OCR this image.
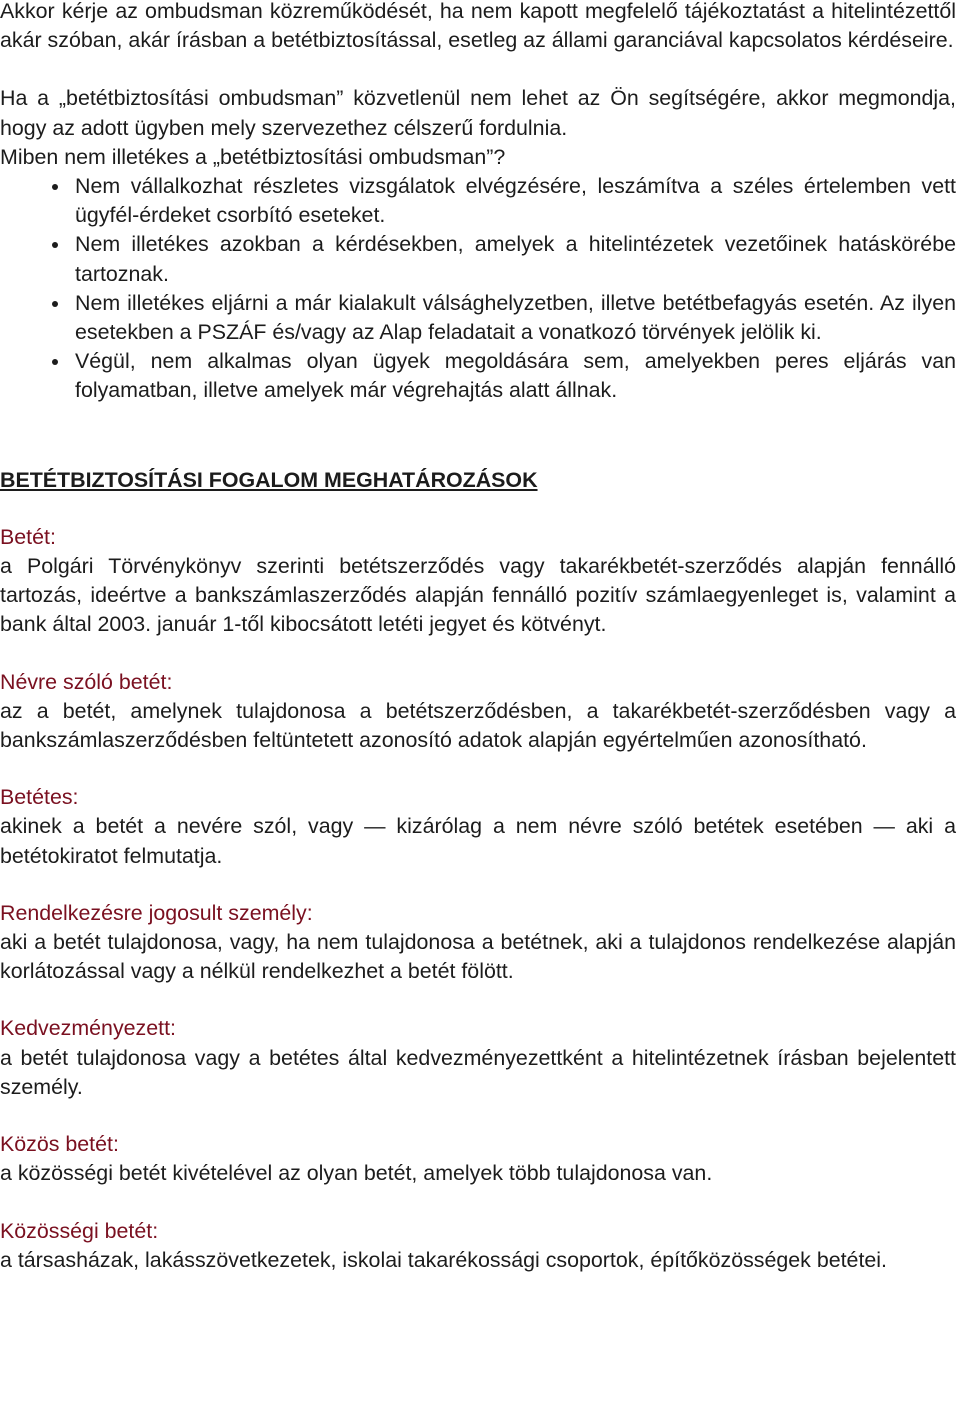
Akkor kérje az ombudsman közreműködését, ha nem kapott megfelelő tájékoztatást a hitelintézettől akár szóban, akár írásban a betétbiztosítással, esetleg az állami garanciával kapcsolatos kérdéseire.

Ha a „betétbiztosítási ombudsman” közvetlenül nem lehet az Ön segítségére, akkor megmondja, hogy az adott ügyben mely szervezethez célszerű fordulnia.

Miben nem illetékes a „betétbiztosítási ombudsman”?

Nem vállalkozhat részletes vizsgálatok elvégzésére, leszámítva a széles értelemben vett ügyfél-érdeket csorbító eseteket.
Nem illetékes azokban a kérdésekben, amelyek a hitelintézetek vezetőinek hatáskörébe tartoznak.
Nem illetékes eljárni a már kialakult válsághelyzetben, illetve betétbefagyás esetén. Az ilyen esetekben a PSZÁF és/vagy az Alap feladatait a vonatkozó törvények jelölik ki.
Végül, nem alkalmas olyan ügyek megoldására sem, amelyekben peres eljárás van folyamatban, illetve amelyek már végrehajtás alatt állnak.

BETÉTBIZTOSÍTÁSI FOGALOM MEGHATÁROZÁSOK

Betét:

a Polgári Törvénykönyv szerinti betétszerződés vagy takarékbetét-szerződés alapján fennálló tartozás, ideértve a bankszámlaszerződés alapján fennálló pozitív számlaegyenleget is, valamint a bank által 2003. január 1-től kibocsátott letéti jegyet és kötvényt.

Névre szóló betét:

az a betét, amelynek tulajdonosa a betétszerződésben, a takarékbetét-szerződésben vagy a bankszámlaszerződésben feltüntetett azonosító adatok alapján egyértelműen azonosítható.

Betétes:

akinek a betét a nevére szól, vagy — kizárólag a nem névre szóló betétek esetében — aki a betétokiratot felmutatja.

Rendelkezésre jogosult személy:

aki a betét tulajdonosa, vagy, ha nem tulajdonosa a betétnek, aki a tulajdonos rendelkezése alapján korlátozással vagy a nélkül rendelkezhet a betét fölött.

Kedvezményezett:

a betét tulajdonosa vagy a betétes által kedvezményezettként a hitelintézetnek írásban bejelentett személy.

Közös betét:

a közösségi betét kivételével az olyan betét, amelyek több tulajdonosa van.

Közösségi betét:

a társasházak, lakásszövetkezetek, iskolai takarékossági csoportok, építőközösségek betétei.
